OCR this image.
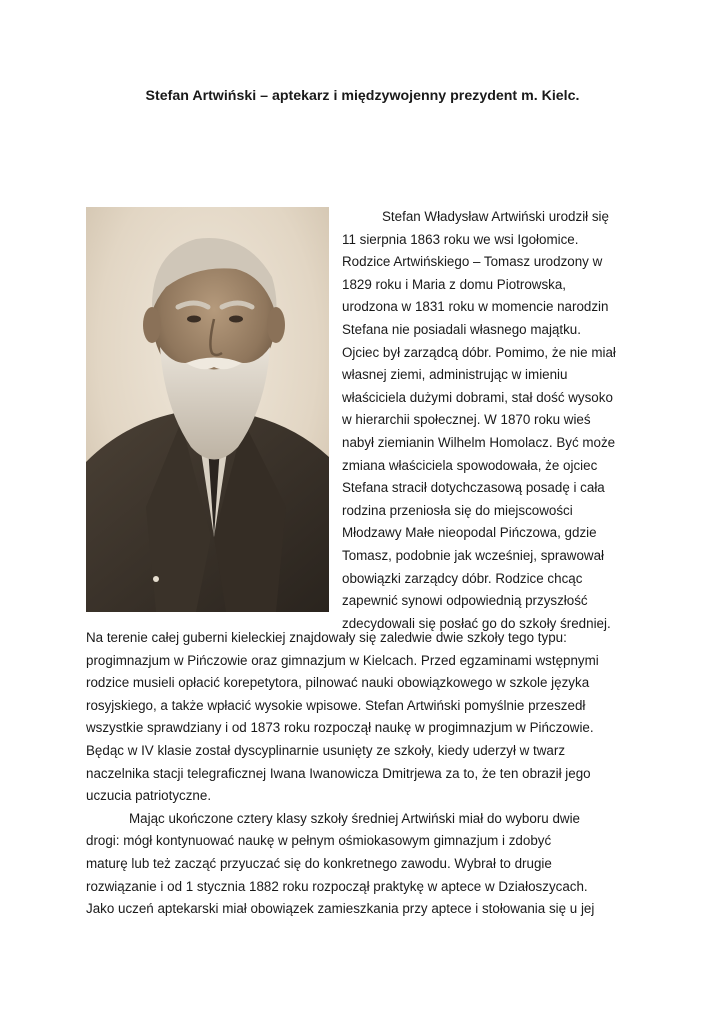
Stefan Artwiński – aptekarz i międzywojenny prezydent m. Kielc.
Stefan Władysław Artwiński urodził się
11 sierpnia 1863 roku we wsi Igołomice.
Rodzice Artwińskiego – Tomasz urodzony w
1829 roku i Maria z domu Piotrowska,
urodzona w 1831 roku w momencie narodzin
Stefana nie posiadali własnego majątku.
Ojciec był zarządcą dóbr. Pomimo, że nie miał
własnej ziemi, administrując w imieniu
właściciela dużymi dobrami, stał dość wysoko
w hierarchii społecznej. W 1870 roku wieś
nabył ziemianin Wilhelm Homolacz. Być może
zmiana właściciela spowodowała, że ojciec
Stefana stracił dotychczasową posadę i cała
rodzina przeniosła się do miejscowości
Młodzawy Małe nieopodal Pińczowa, gdzie
Tomasz, podobnie jak wcześniej, sprawował
obowiązki zarządcy dóbr. Rodzice chcąc
zapewnić synowi odpowiednią przyszłość
zdecydowali się posłać go do szkoły średniej.
Na terenie całej guberni kieleckiej znajdowały się zaledwie dwie szkoły tego typu:
progimnazjum w Pińczowie oraz gimnazjum w Kielcach. Przed egzaminami wstępnymi
rodzice musieli opłacić korepetytora, pilnować nauki obowiązkowego w szkole języka
rosyjskiego, a także wpłacić wysokie wpisowe. Stefan Artwiński pomyślnie przeszedł
wszystkie sprawdziany i od 1873 roku rozpoczął naukę w progimnazjum w Pińczowie.
Będąc w IV klasie został dyscyplinarnie usunięty ze szkoły, kiedy uderzył w twarz
naczelnika stacji telegraficznej Iwana Iwanowicza Dmitrjewa za to, że ten obraził jego
uczucia patriotyczne.
Mając ukończone cztery klasy szkoły średniej Artwiński miał do wyboru dwie
drogi: mógł kontynuować naukę w pełnym ośmiokasowym gimnazjum i zdobyć
maturę lub też zacząć przyuczać się do konkretnego zawodu. Wybrał to drugie
rozwiązanie i od 1 stycznia 1882 roku rozpoczął praktykę w aptece w Działoszycach.
Jako uczeń aptekarski miał obowiązek zamieszkania przy aptece i stołowania się u jej
